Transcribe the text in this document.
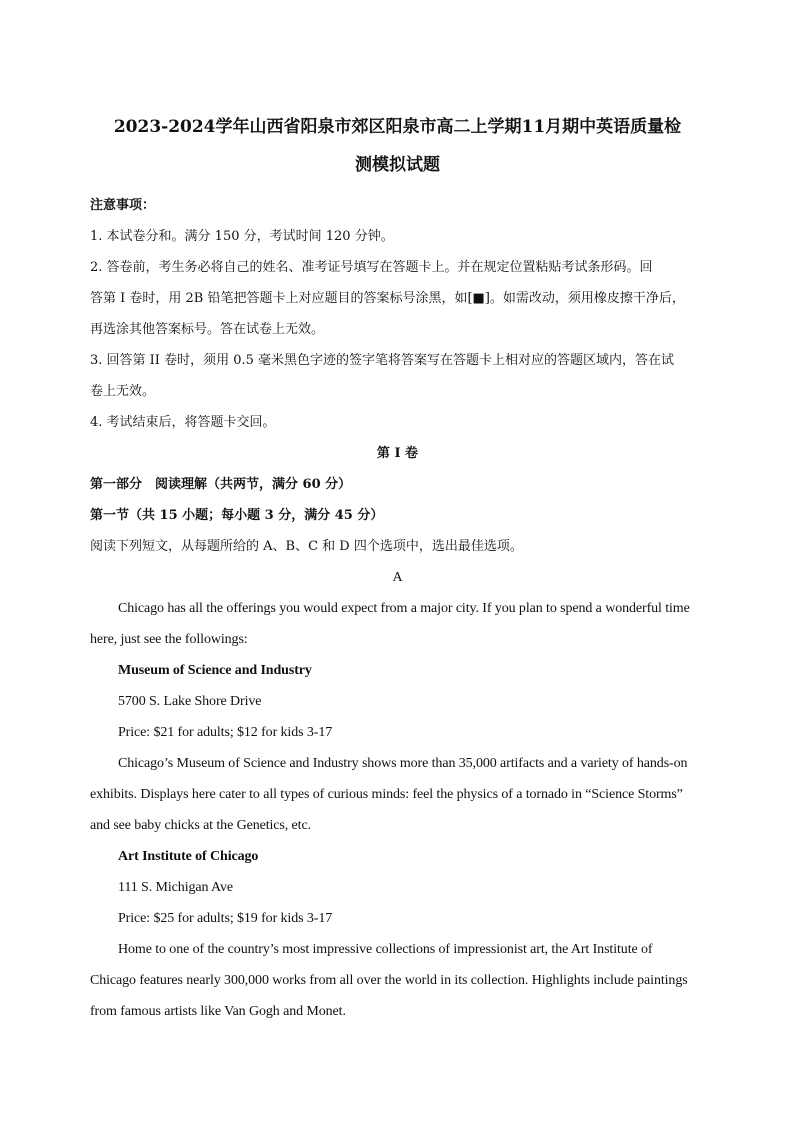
2023-2024学年山西省阳泉市郊区阳泉市高二上学期11月期中英语质量检

测模拟试题

注意事项：

1. 本试卷分和。满分 150 分，考试时间 120 分钟。

2. 答卷前，考生务必将自己的姓名、准考证号填写在答题卡上。并在规定位置粘贴考试条形码。回

答第 I 卷时，用 2B 铅笔把答题卡上对应题目的答案标号涂黑，如[■]。如需改动，须用橡皮擦干净后，

再选涂其他答案标号。答在试卷上无效。

3. 回答第 II 卷时，须用 0.5 毫米黑色字迹的签字笔将答案写在答题卡上相对应的答题区域内，答在试

卷上无效。

4. 考试结束后，将答题卡交回。

第 I 卷

第一部分　阅读理解（共两节，满分 60 分）

第一节（共 15 小题；每小题 3 分，满分 45 分）

阅读下列短文，从每题所给的 A、B、C 和 D 四个选项中，选出最佳选项。

A

Chicago has all the offerings you would expect from a major city. If you plan to spend a wonderful time

here, just see the followings:

Museum of Science and Industry

5700 S. Lake Shore Drive

Price: $21 for adults; $12 for kids 3-17

Chicago’s Museum of Science and Industry shows more than 35,000 artifacts and a variety of hands-on

exhibits. Displays here cater to all types of curious minds: feel the physics of a tornado in “Science Storms”

and see baby chicks at the Genetics, etc.

Art Institute of Chicago

111 S. Michigan Ave

Price: $25 for adults; $19 for kids 3-17

Home to one of the country’s most impressive collections of impressionist art, the Art Institute of

Chicago features nearly 300,000 works from all over the world in its collection. Highlights include paintings

from famous artists like Van Gogh and Monet.
